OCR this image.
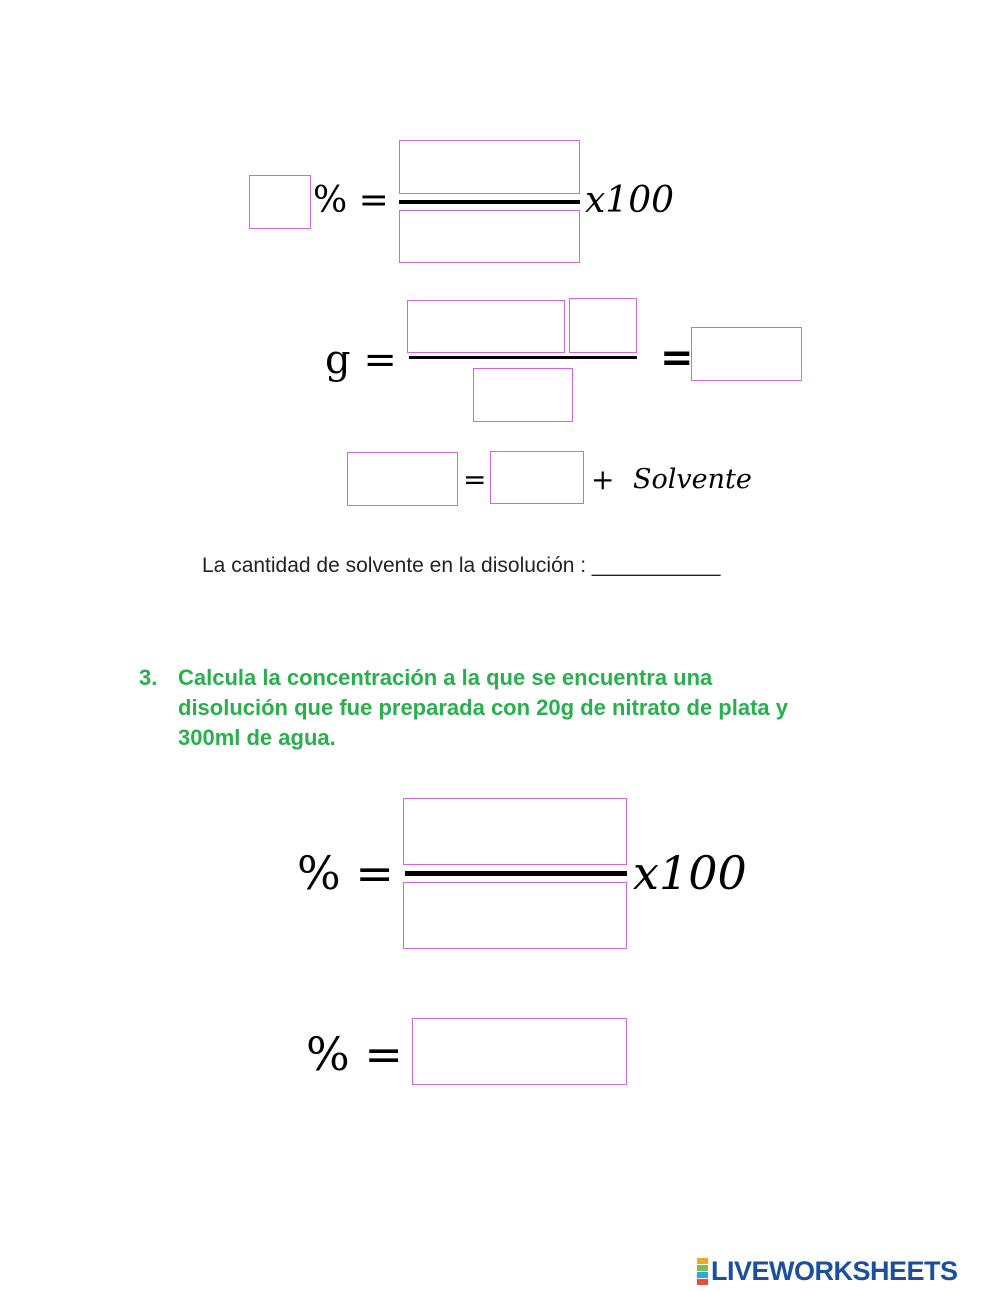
% =	x100
g =	=
=	+ Solvente
La cantidad de solvente en la disolución : ___________
3. Calcula la concentración a la que se encuentra una
disolución que fue preparada con 20g de nitrato de plata y
300ml de agua.
% =	x100
% =
LIVEWORKSHEETS
